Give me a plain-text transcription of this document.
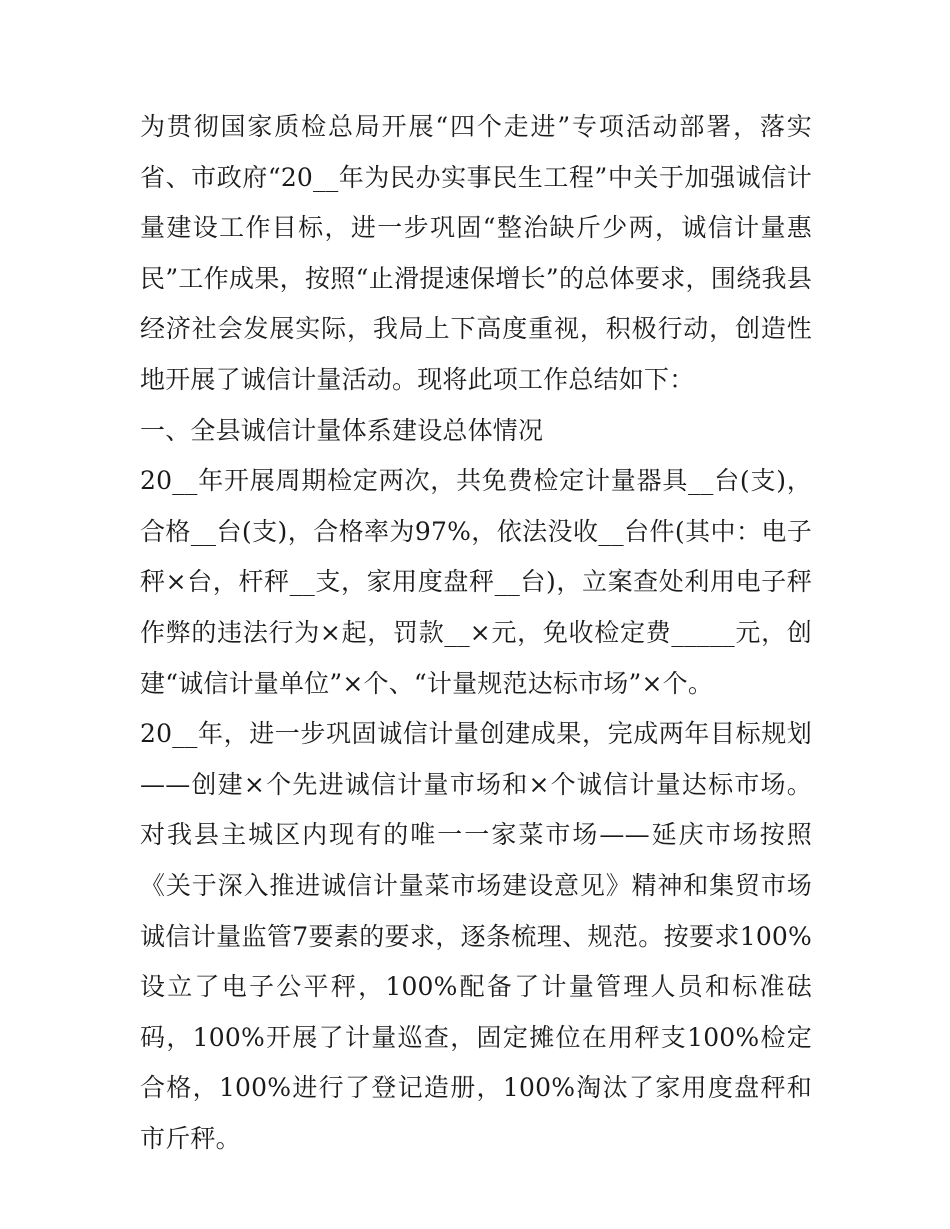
为贯彻国家质检总局开展“四个走进”专项活动部署，落实省、市政府“20__年为民办实事民生工程”中关于加强诚信计量建设工作目标，进一步巩固“整治缺斤少两，诚信计量惠民”工作成果，按照“止滑提速保增长”的总体要求，围绕我县经济社会发展实际，我局上下高度重视，积极行动，创造性地开展了诚信计量活动。现将此项工作总结如下：

一、全县诚信计量体系建设总体情况

20__年开展周期检定两次，共免费检定计量器具__台(支)，合格__台(支)，合格率为97%，依法没收__台件(其中：电子秤×台，杆秤__支，家用度盘秤__台)，立案查处利用电子秤作弊的违法行为×起，罚款__×元，免收检定费_____元，创建“诚信计量单位”×个、“计量规范达标市场”×个。

20__年，进一步巩固诚信计量创建成果，完成两年目标规划——创建×个先进诚信计量市场和×个诚信计量达标市场。对我县主城区内现有的唯一一家菜市场——延庆市场按照《关于深入推进诚信计量菜市场建设意见》精神和集贸市场诚信计量监管7要素的要求，逐条梳理、规范。按要求100%设立了电子公平秤，100%配备了计量管理人员和标准砝码，100%开展了计量巡查，固定摊位在用秤支100%检定合格，100%进行了登记造册，100%淘汰了家用度盘秤和市斤秤。
